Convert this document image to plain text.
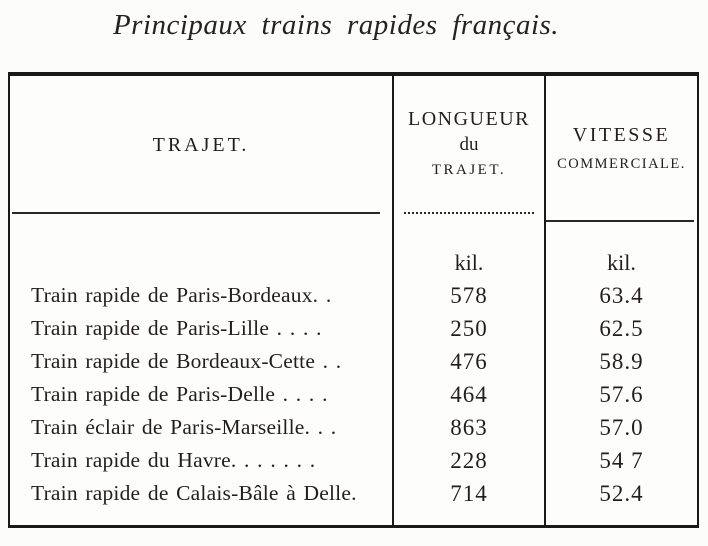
Principaux trains rapides français.
TRAJET.
Train rapide de Paris-Bordeaux. .
Train rapide de Paris-Lille . . . .
Train rapide de Bordeaux-Cette . .
Train rapide de Paris-Delle . . . .
Train éclair de Paris-Marseille. . .
Train rapide du Havre. . . . . . .
Train rapide de Calais-Bâle à Delle.
LONGUEUR
du
TRAJET.
kil.
578
250
476
464
863
228
714
VITESSE
COMMERCIALE.
kil.
63.4
62.5
58.9
57.6
57.0
54 7
52.4
